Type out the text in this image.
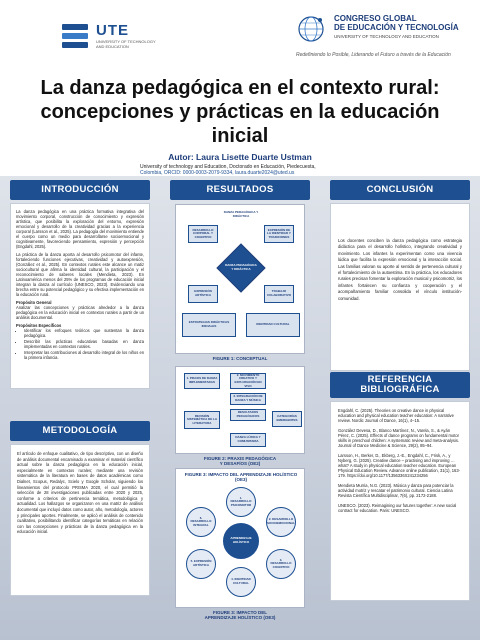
UTE
UNIVERSITY OF TECHNOLOGY
AND EDUCATION
CONGRESO GLOBAL
DE EDUCACIÓN Y TECNOLOGÍA
UNIVERSITY OF TECHNOLOGY AND EDUCATION
Redefiniendo lo Posible, Liderando el Futuro a través de la Educación
La danza pedagógica en el contexto rural:
concepciones y prácticas en la educación
inicial
Autor: Laura Lisette Duarte Ustman
University of technology and Education, Doctorado en Educación, Piedecuesta,
Colombia, ORCID: 0000-0003-2079-9334, laura.duarte2024@uted.us
INTRODUCCIÓN

La danza pedagógica en una práctica formativa integrativa del movimiento corporal, construcción de conocimiento y expresión artística, que posibilita la exploración del entorno, expresión emocional y desarrollo de la creatividad gracias a la experiencia corporal (Larsson et al., 2025). La pedagogía del movimiento entiende el cuerpo como un medio para desarrollarse socioemocional y cognitivamente, favoreciendo pensamiento, expresión y percepción (Engdahl, 2025).

La práctica de la danza aporta al desarrollo psicomotor del infante, fortaleciendo funciones ejecutivas, creatividad y autoexpresión, (González et al., 2025). En contextos rurales este alcance un matiz sociocultural que afirma la identidad cultural, la participación y el reconocimiento de saberes locales (Mendieta, 2023). En Latinoamérica menos del 25% de los programas de educación inicial integran la danza al currículo (UNESCO, 2023). Evidenciando una brecha entre su potencial pedagógico y su efectiva implementación en la educación rural.

Propósito General

Analizar las concepciones y prácticas alrededor a la danza pedagógica en la educación inicial en contextos rurales a partir de un análisis documental.

Propósitos Específicos
• Identificar los enfoques teóricos que sustentan la danza pedagógica.
• Describir las prácticas educativas basadas en danza implementadas en contextos rurales.
• Interpretar las contribuciones al desarrollo integral de los niños en la primera infancia.
METODOLOGÍA
El artículo de enfoque cualitativo, de tipo descriptivo, con un diseño de análisis documental encaminado a examinar el material científico actual sobre la danza pedagógica en la educación inicial, especialmente en contextos rurales; mediante una revisión sistemática de la literatura en bases de datos académicas como Dialnet, Scopus, Redalyc, Scielo y Google Scholar, siguiendo los lineamientos del protocolo PRISMA 2020, el cual permitió la selección de 28 investigaciones publicadas entre 2020 y 2025, conforme a criterios de pertinencia temática, metodológica y actualidad. Los hallazgos se organizaron en una matriz de análisis documental que incluyó datos como autor, año, metodología, actores y principales aportes. Finalmente, se aplicó el análisis de contenido cualitativo, posibilitando identificar categorías temáticas en relación con las concepciones y prácticas de la danza pedagógica en la educación inicial.
RESULTADOS
DANZA PEDAGÓGICA Y DIDÁCTICA
DESARROLLO CORPORAL Y COGNITIVO
EXPRESIÓN DE LA IDENTIDAD Y TRADICIONES
DANZA PEDAGÓGICA Y DIDÁCTICA
EXPRESIÓN ARTÍSTICA
TRABAJO COLABORATIVO
ESTRATEGIAS DIDÁCTICAS INICIALES	IDENTIDAD CULTURAL
FIGURE 1: CONCEPTUAL
1. PRAXIS DE DANZA IMPLEMENTADAS
2. MOVIMIENTO CREATIVO Y EXPLORACIÓN EN VIVO
3. INTEGRACIÓN DE DANZA Y MÚSICA
RESULTADOS PEDAGÓGICOS
REVISIÓN SISTEMÁTICA DE LA LITERATURA
CATEGORÍAS EMERGENTES
DANZA LÚDICA Y COMUNITARIA
FIGURE 2: PRAXIS PEDAGÓGICA
Y DESAFÍOS (OE2)
FIGURE 3: IMPACTO DEL APRENDIZAJE HOLÍSTICO (OE3)
APRENDIZAJE HOLÍSTICO
1. DESARROLLO PSICOMOTOR
2. DESARROLLO SOCIOEMOCIONAL
3. DESARROLLO COGNITIVO
4. IDENTIDAD CULTURAL
5. EXPRESIÓN ARTÍSTICA
6. DESARROLLO INTEGRAL
FIGURE 3: IMPACTO DEL
APRENDIZAJE HOLÍSTICO (OE3)
CONCLUSIÓN
Los docentes conciben la danza pedagógica como estrategia didáctica para el desarrollo holístico, integrando creatividad y movimiento. Los infantes la experimentan como una vivencia lúdica que facilita la expresión emocional y la interacción social. Las familias valoran su aporte al sentido de pertenencia cultural y el fortalecimiento de la autoestima. En la práctica, los educadores rurales precisan fomentar la exploración musical y psicomotriz, los infantes fortalecen su confianza y cooperación y el acompañamiento familiar consolida el vínculo institución-comunidad.
REFERENCIA BIBLIOGRÁFICA
Engdahl, C. (2025). Theories on creative dance in physical education and physical education teacher education: A narrative review. Nordic Journal of Dance, 16(1), 4–15.
González Devesa, D., Blanco Martínez, N., Varela, S., & Ayán Pérez, C. (2025). Effects of dance programs on fundamental motor skills in preschool children: A systematic review and meta-analysis. Journal of Dance Medicine & Science, 29(2), 85–94.
Larsson, H., Berker, D., Ekberg, J.-E., Engdahl, C., Frisk, A., y Nyberg, G. (2025). Creative dance – practising and improving … what? A study in physical education teacher education. European Physical Education Review. Advance online publication, 31(1), 163-179. https://doi.org/10.1177/1356336X241234256
Mendieta Murria, N.G. (2023). Música y danza para potenciar la actividad motriz y rescatar el patrimonio cultural. Ciencia Latina Revista Científica Multidisciplinar, 7(6), pp. 2172-2188.
UNESCO. (2023). Reimagining our futures together: A new social contract for education. Paris: UNESCO.
